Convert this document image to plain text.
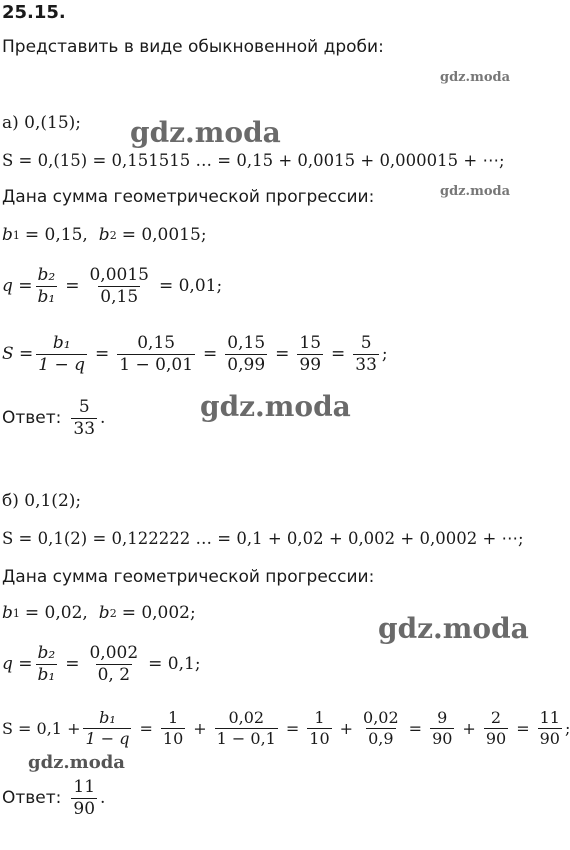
25.15.
Представить в виде обыкновенной дроби:
gdz.moda
gdz.moda
gdz.moda
gdz.moda
gdz.moda
gdz.moda
а) 0,(15);
S = 0,(15) = 0,151515 … = 0,15 + 0,0015 + 0,000015 + ⋯;
Дана сумма геометрической прогрессии:
b 1 = 0,15, b 2 = 0,0015;
$q = \frac{\text{b₂}}{\text{b₁}} = \frac{0,0015}{0,15} = 0,01$;
$S = \frac{\text{b₁}}{1 - q} = \frac{0,15}{1 - 0,01} = \frac{0,15}{0,99} = \frac{15}{99} = \frac{5}{33}$ ;
Ответ: $\frac{5}{33}$ .
б) 0,1(2);
S = 0,1(2) = 0,122222 … = 0,1 + 0,02 + 0,002 + 0,0002 + ⋯;
Дана сумма геометрической прогрессии:
b 1 = 0,02, b 2 = 0,002;
$q = \frac{\text{b₂}}{\text{b₁}} = \frac{0,002}{0, 2} = 0,1$;
$S = 0,1 + \frac{\text{b₁}}{1 - q} = \frac{1}{10} + \frac{0,02}{1 - 0,1} = \frac{1}{10} + \frac{0,02}{0,9} = \frac{9}{90} + \frac{2}{90} = \frac{11}{90}$ ;
Ответ: $\frac{11}{90}$ .
